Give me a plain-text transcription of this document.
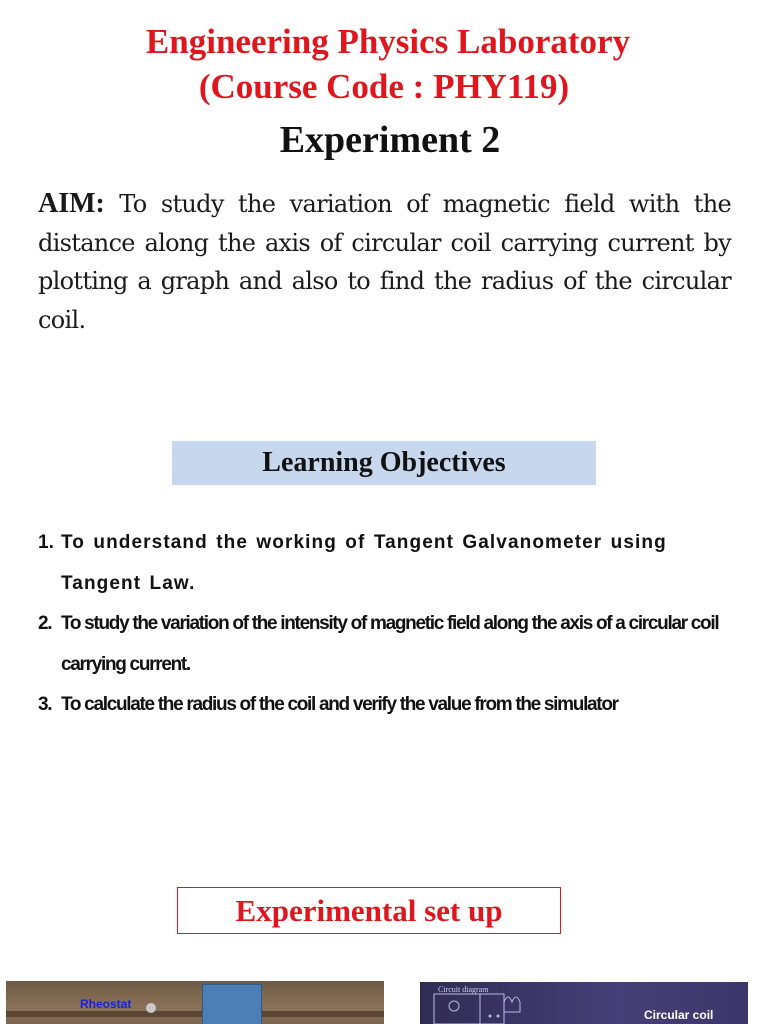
Engineering Physics Laboratory
(Course Code : PHY119)
Experiment 2
AIM: To study the variation of magnetic field with the distance along the axis of circular coil carrying current by plotting a graph and also to find the radius of the circular coil.
Learning Objectives
1. To understand the working of Tangent Galvanometer using Tangent Law.
2. To study the variation of the intensity of magnetic field along the axis of a circular coil carrying current.
3. To calculate the radius of the coil and verify the value from the simulator
Experimental set up
Rheostat
Circuit diagram
Circular coil
